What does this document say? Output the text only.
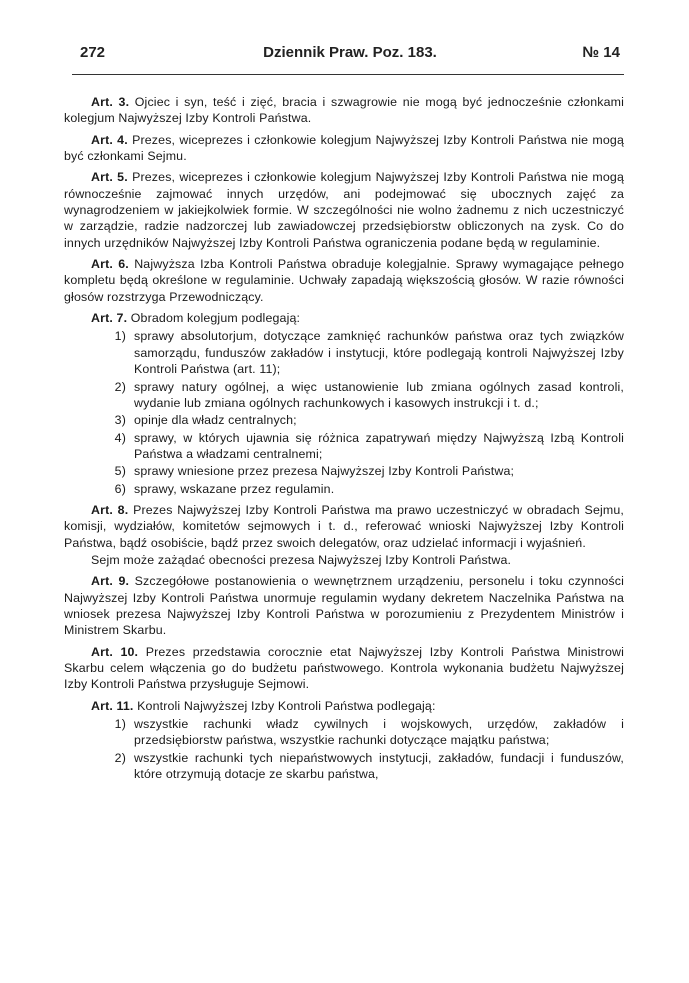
272	Dziennik Praw. Poz. 183.	№ 14

Art. 3. Ojciec i syn, teść i zięć, bracia i szwagrowie nie mogą być jednocześnie członkami kolegjum Najwyższej Izby Kontroli Państwa.

Art. 4. Prezes, wiceprezes i członkowie kolegjum Najwyższej Izby Kontroli Państwa nie mogą być członkami Sejmu.

Art. 5. Prezes, wiceprezes i członkowie kolegjum Najwyższej Izby Kontroli Państwa nie mogą równocześnie zajmować innych urzędów, ani podejmować się ubocznych zajęć za wynagrodzeniem w jakiejkolwiek formie. W szczególności nie wolno żadnemu z nich uczestniczyć w zarządzie, radzie nadzorczej lub zawiadowczej przedsiębiorstw obliczonych na zysk. Co do innych urzędników Najwyższej Izby Kontroli Państwa ograniczenia podane będą w regulaminie.

Art. 6. Najwyższa Izba Kontroli Państwa obraduje kolegjalnie. Sprawy wymagające pełnego kompletu będą określone w regulaminie. Uchwały zapadają większością głosów. W razie równości głosów rozstrzyga Przewodniczący.

Art. 7. Obradom kolegjum podlegają:

1) sprawy absolutorjum, dotyczące zamknięć rachunków państwa oraz tych związków samorządu, funduszów zakładów i instytucji, które podlegają kontroli Najwyższej Izby Kontroli Państwa (art. 11);
2) sprawy natury ogólnej, a więc ustanowienie lub zmiana ogólnych zasad kontroli, wydanie lub zmiana ogólnych rachunkowych i kasowych instrukcji i t. d.;
3) opinje dla władz centralnych;
4) sprawy, w których ujawnia się różnica zapatrywań między Najwyższą Izbą Kontroli Państwa a władzami centralnemi;
5) sprawy wniesione przez prezesa Najwyższej Izby Kontroli Państwa;
6) sprawy, wskazane przez regulamin.

Art. 8. Prezes Najwyższej Izby Kontroli Państwa ma prawo uczestniczyć w obradach Sejmu, komisji, wydziałów, komitetów sejmowych i t. d., referować wnioski Najwyższej Izby Kontroli Państwa, bądź osobiście, bądź przez swoich delegatów, oraz udzielać informacji i wyjaśnień.

Sejm może zażądać obecności prezesa Najwyższej Izby Kontroli Państwa.

Art. 9. Szczegółowe postanowienia o wewnętrznem urządzeniu, personelu i toku czynności Najwyższej Izby Kontroli Państwa unormuje regulamin wydany dekretem Naczelnika Państwa na wniosek prezesa Najwyższej Izby Kontroli Państwa w porozumieniu z Prezydentem Ministrów i Ministrem Skarbu.

Art. 10. Prezes przedstawia corocznie etat Najwyższej Izby Kontroli Państwa Ministrowi Skarbu celem włączenia go do budżetu państwowego. Kontrola wykonania budżetu Najwyższej Izby Kontroli Państwa przysługuje Sejmowi.

Art. 11. Kontroli Najwyższej Izby Kontroli Państwa podlegają:

1) wszystkie rachunki władz cywilnych i wojskowych, urzędów, zakładów i przedsiębiorstw państwa, wszystkie rachunki dotyczące majątku państwa;
2) wszystkie rachunki tych niepaństwowych instytucji, zakładów, fundacji i funduszów, które otrzymują dotacje ze skarbu państwa,
